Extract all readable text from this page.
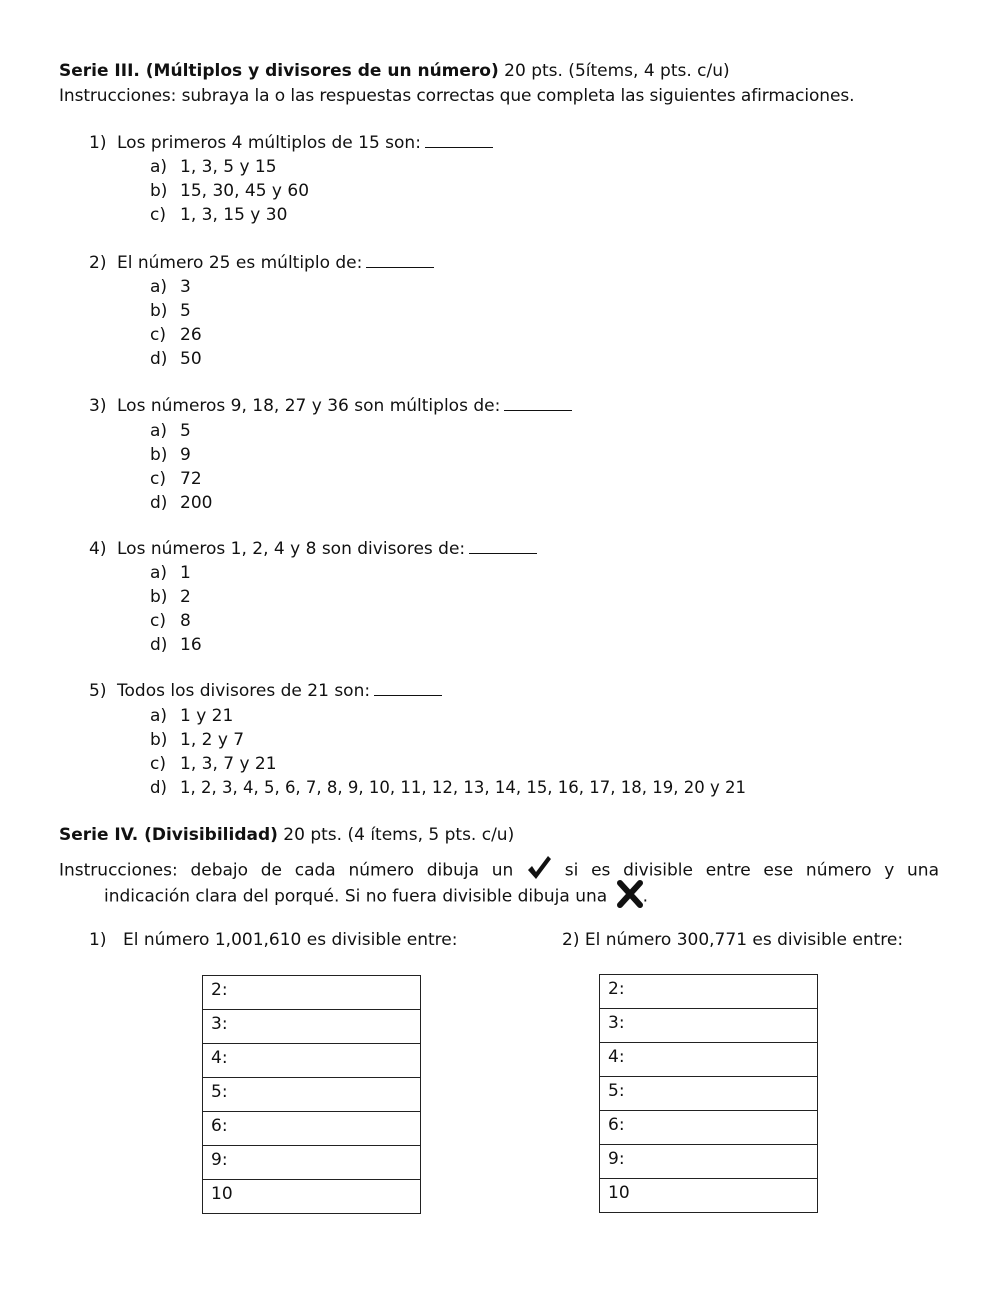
Serie III. (Múltiplos y divisores de un número) 20 pts. (5ítems, 4 pts. c/u)
Instrucciones: subraya la o las respuestas correctas que completa las siguientes afirmaciones.
1) Los primeros 4 múltiplos de 15 son:
a) 1, 3, 5 y 15
b) 15, 30, 45 y 60
c) 1, 3, 15 y 30
2) El número 25 es múltiplo de:
a) 3
b) 5
c) 26
d) 50
3) Los números 9, 18, 27 y 36 son múltiplos de:
a) 5
b) 9
c) 72
d) 200
4) Los números 1, 2, 4 y 8 son divisores de:
a) 1
b) 2
c) 8
d) 16
5) Todos los divisores de 21 son:
a) 1 y 21
b) 1, 2 y 7
c) 1, 3, 7 y 21
d) 1, 2, 3, 4, 5, 6, 7, 8, 9, 10, 11, 12, 13, 14, 15, 16, 17, 18, 19, 20 y 21
Serie IV. (Divisibilidad) 20 pts. (4 ítems, 5 pts. c/u)
Instrucciones: debajo de cada número dibuja un	si es divisible entre ese número y una
indicación clara del porqué. Si no fuera divisible dibuja una .
1) El número 1,001,610 es divisible entre:	2) El número 300,771 es divisible entre:
2:
3:
4:
5:
6:
9:
10
2:
3:
4:
5:
6:
9:
10
